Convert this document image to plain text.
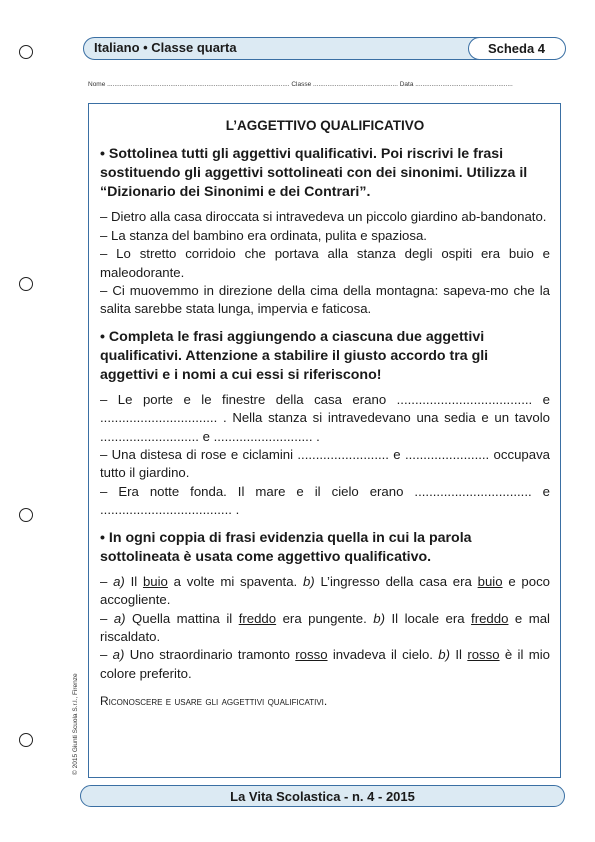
Italiano • Classe quarta	Scheda 4
Nome ..................................................................................................... Classe ............................................... Data ......................................................
L’AGGETTIVO QUALIFICATIVO

• Sottolinea tutti gli aggettivi qualificativi. Poi riscrivi le frasi sostituendo gli aggettivi sottolineati con dei sinonimi. Utilizza il “Dizionario dei Sinonimi e dei Contrari”.

– Dietro alla casa diroccata si intravedeva un piccolo giardino ab-bandonato.

– La stanza del bambino era ordinata, pulita e spaziosa.

– Lo stretto corridoio che portava alla stanza degli ospiti era buio e maleodorante.

– Ci muovemmo in direzione della cima della montagna: sapeva-mo che la salita sarebbe stata lunga, impervia e faticosa.

• Completa le frasi aggiungendo a ciascuna due aggettivi qualificativi. Attenzione a stabilire il giusto accordo tra gli aggettivi e i nomi a cui essi si riferiscono!

– Le porte e le finestre della casa erano ..................................... e ................................ . Nella stanza si intravedevano una sedia e un tavolo ........................... e ........................... .

– Una distesa di rose e ciclamini ......................... e ....................... occupava tutto il giardino.

– Era notte fonda. Il mare e il cielo erano ................................ e .................................... .

• In ogni coppia di frasi evidenzia quella in cui la parola sottolineata è usata come aggettivo qualificativo.

– a) Il buio a volte mi spaventa. b) L’ingresso della casa era buio e poco accogliente.

– a) Quella mattina il freddo era pungente. b) Il locale era freddo e mal riscaldato.

– a) Uno straordinario tramonto rosso invadeva il cielo. b) Il rosso è il mio colore preferito.

Riconoscere e usare gli aggettivi qualificativi.

© 2015 Giunti Scuola S.r.l., Firenze
La Vita Scolastica - n. 4 - 2015
